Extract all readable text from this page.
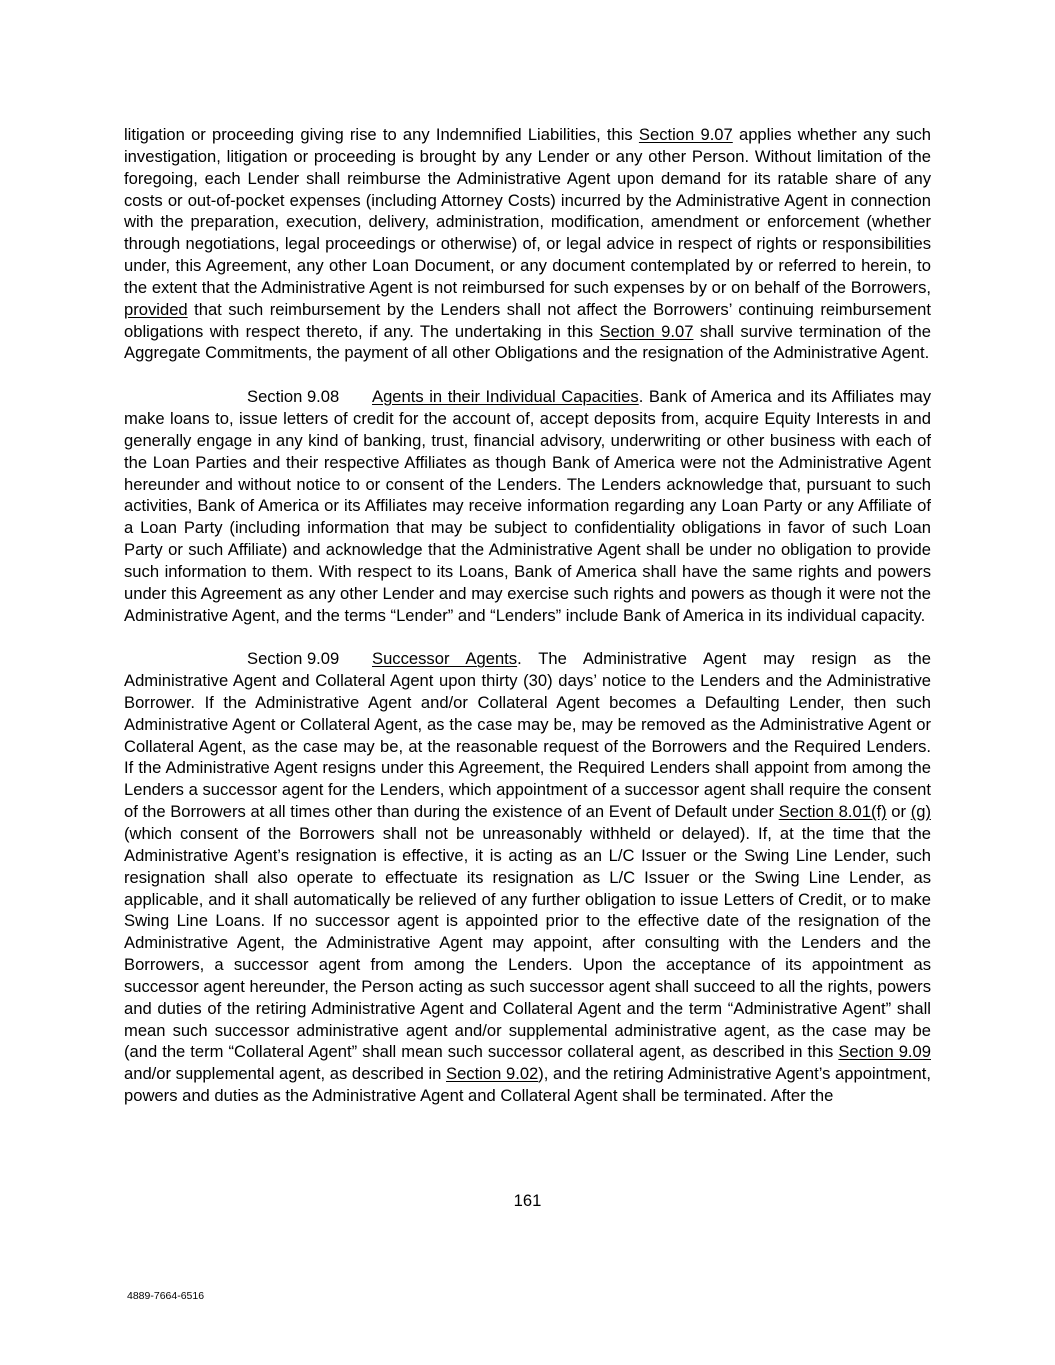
litigation or proceeding giving rise to any Indemnified Liabilities, this Section 9.07 applies whether any such investigation, litigation or proceeding is brought by any Lender or any other Person. Without limitation of the foregoing, each Lender shall reimburse the Administrative Agent upon demand for its ratable share of any costs or out-of-pocket expenses (including Attorney Costs) incurred by the Administrative Agent in connection with the preparation, execution, delivery, administration, modification, amendment or enforcement (whether through negotiations, legal proceedings or otherwise) of, or legal advice in respect of rights or responsibilities under, this Agreement, any other Loan Document, or any document contemplated by or referred to herein, to the extent that the Administrative Agent is not reimbursed for such expenses by or on behalf of the Borrowers, provided that such reimbursement by the Lenders shall not affect the Borrowers’ continuing reimbursement obligations with respect thereto, if any. The undertaking in this Section 9.07 shall survive termination of the Aggregate Commitments, the payment of all other Obligations and the resignation of the Administrative Agent.

Section 9.08 Agents in their Individual Capacities. Bank of America and its Affiliates may make loans to, issue letters of credit for the account of, accept deposits from, acquire Equity Interests in and generally engage in any kind of banking, trust, financial advisory, underwriting or other business with each of the Loan Parties and their respective Affiliates as though Bank of America were not the Administrative Agent hereunder and without notice to or consent of the Lenders. The Lenders acknowledge that, pursuant to such activities, Bank of America or its Affiliates may receive information regarding any Loan Party or any Affiliate of a Loan Party (including information that may be subject to confidentiality obligations in favor of such Loan Party or such Affiliate) and acknowledge that the Administrative Agent shall be under no obligation to provide such information to them. With respect to its Loans, Bank of America shall have the same rights and powers under this Agreement as any other Lender and may exercise such rights and powers as though it were not the Administrative Agent, and the terms “Lender” and “Lenders” include Bank of America in its individual capacity.

Section 9.09 Successor Agents. The Administrative Agent may resign as the Administrative Agent and Collateral Agent upon thirty (30) days’ notice to the Lenders and the Administrative Borrower. If the Administrative Agent and/or Collateral Agent becomes a Defaulting Lender, then such Administrative Agent or Collateral Agent, as the case may be, may be removed as the Administrative Agent or Collateral Agent, as the case may be, at the reasonable request of the Borrowers and the Required Lenders. If the Administrative Agent resigns under this Agreement, the Required Lenders shall appoint from among the Lenders a successor agent for the Lenders, which appointment of a successor agent shall require the consent of the Borrowers at all times other than during the existence of an Event of Default under Section 8.01(f) or (g) (which consent of the Borrowers shall not be unreasonably withheld or delayed). If, at the time that the Administrative Agent’s resignation is effective, it is acting as an L/C Issuer or the Swing Line Lender, such resignation shall also operate to effectuate its resignation as L/C Issuer or the Swing Line Lender, as applicable, and it shall automatically be relieved of any further obligation to issue Letters of Credit, or to make Swing Line Loans. If no successor agent is appointed prior to the effective date of the resignation of the Administrative Agent, the Administrative Agent may appoint, after consulting with the Lenders and the Borrowers, a successor agent from among the Lenders. Upon the acceptance of its appointment as successor agent hereunder, the Person acting as such successor agent shall succeed to all the rights, powers and duties of the retiring Administrative Agent and Collateral Agent and the term “Administrative Agent” shall mean such successor administrative agent and/or supplemental administrative agent, as the case may be (and the term “Collateral Agent” shall mean such successor collateral agent, as described in this Section 9.09 and/or supplemental agent, as described in Section 9.02), and the retiring Administrative Agent’s appointment, powers and duties as the Administrative Agent and Collateral Agent shall be terminated. After the

161
4889-7664-6516
